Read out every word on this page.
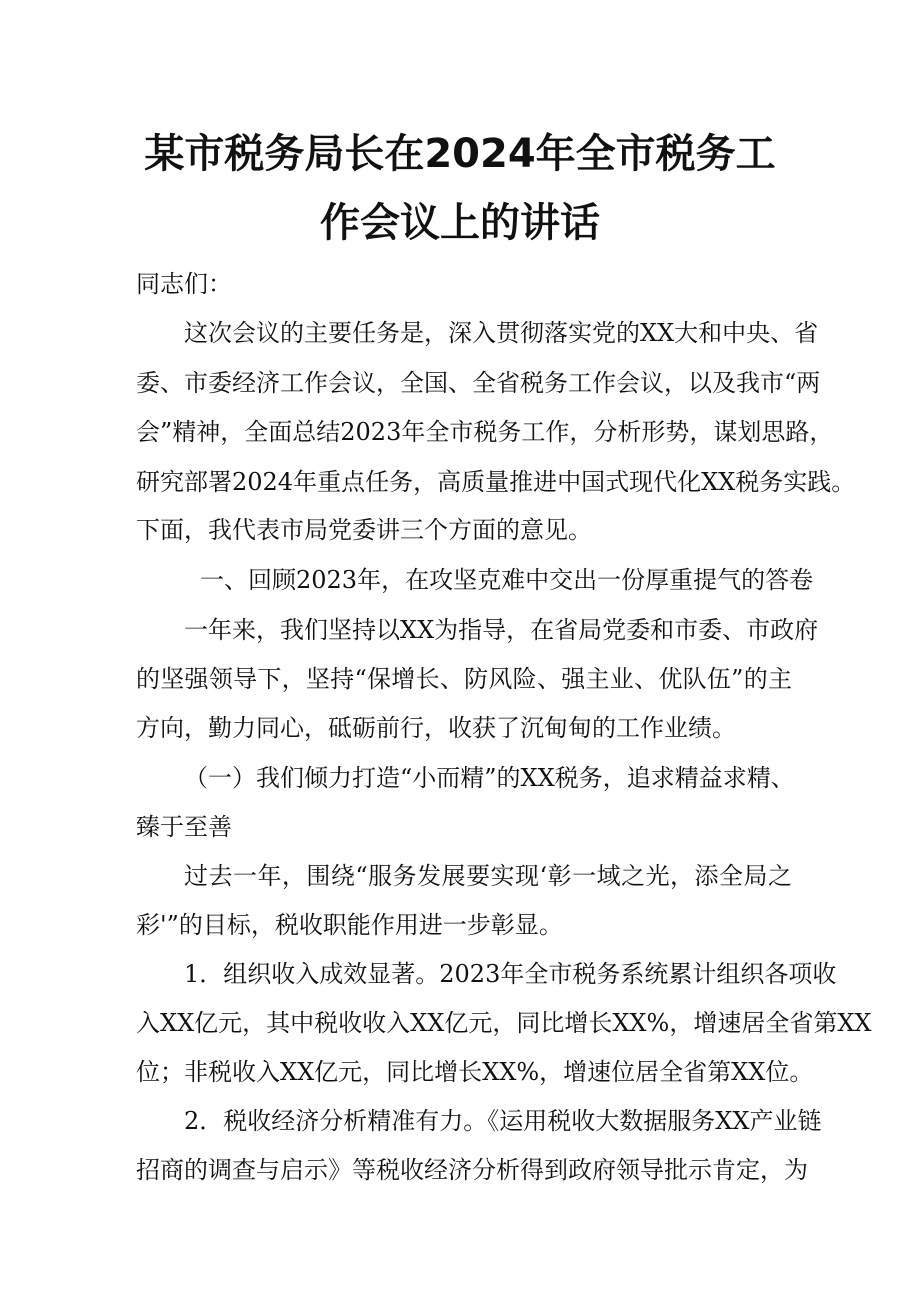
某市税务局长在2024年全市税务工
作会议上的讲话

同志们：

这次会议的主要任务是，深入贯彻落实党的XX大和中央、省

委、市委经济工作会议，全国、全省税务工作会议，以及我市“两

会”精神，全面总结2023年全市税务工作，分析形势，谋划思路，

研究部署2024年重点任务，高质量推进中国式现代化XX税务实践。

下面，我代表市局党委讲三个方面的意见。

一、回顾2023年，在攻坚克难中交出一份厚重提气的答卷

一年来，我们坚持以XX为指导，在省局党委和市委、市政府

的坚强领导下，坚持“保增长、防风险、强主业、优队伍”的主

方向，勤力同心，砥砺前行，收获了沉甸甸的工作业绩。

（一）我们倾力打造“小而精”的XX税务，追求精益求精、

臻于至善

过去一年，围绕“服务发展要实现‘彰一域之光，添全局之

彩'”的目标，税收职能作用进一步彰显。

1．组织收入成效显著。2023年全市税务系统累计组织各项收

入XX亿元，其中税收收入XX亿元，同比增长XX%，增速居全省第XX

位；非税收入XX亿元，同比增长XX%，增速位居全省第XX位。

2．税收经济分析精准有力。《运用税收大数据服务XX产业链

招商的调查与启示》等税收经济分析得到政府领导批示肯定，为
